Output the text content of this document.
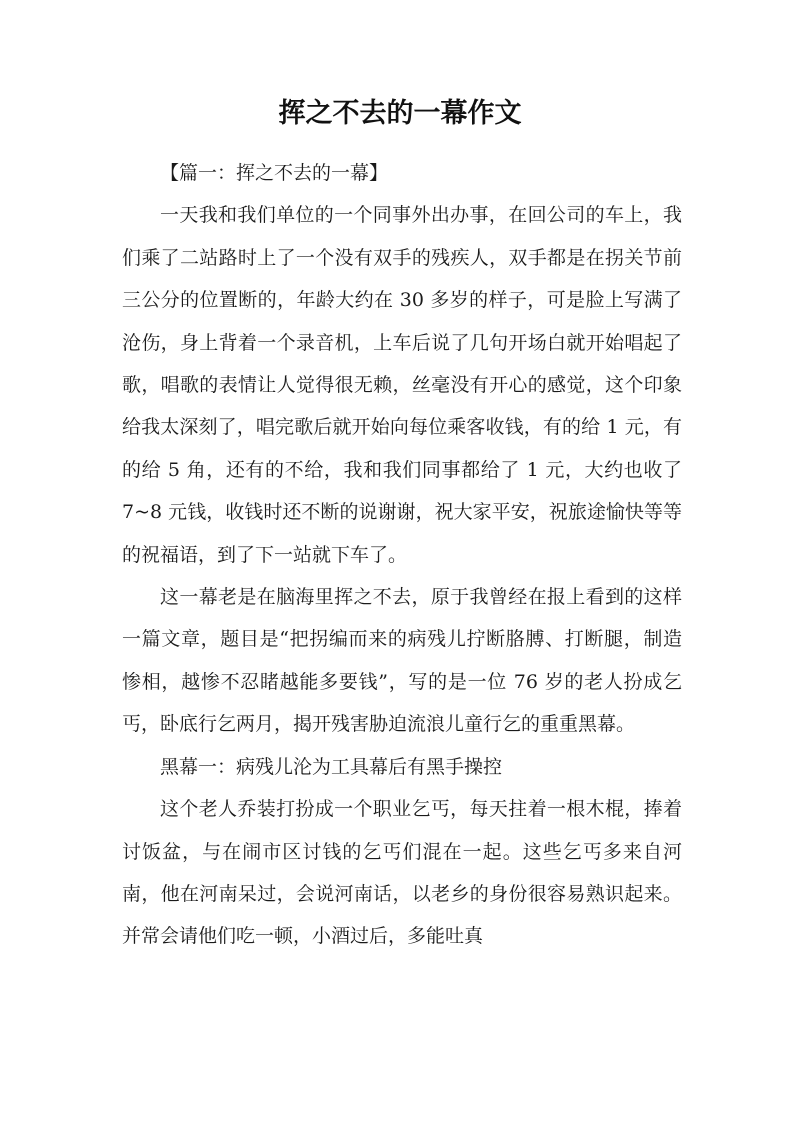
挥之不去的一幕作文

【篇一：挥之不去的一幕】

一天我和我们单位的一个同事外出办事，在回公司的车上，我们乘了二站路时上了一个没有双手的残疾人，双手都是在拐关节前三公分的位置断的，年龄大约在 30 多岁的样子，可是脸上写满了沧伤，身上背着一个录音机，上车后说了几句开场白就开始唱起了歌，唱歌的表情让人觉得很无赖，丝毫没有开心的感觉，这个印象给我太深刻了，唱完歌后就开始向每位乘客收钱，有的给 1 元，有的给 5 角，还有的不给，我和我们同事都给了 1 元，大约也收了 7~8 元钱，收钱时还不断的说谢谢，祝大家平安，祝旅途愉快等等的祝福语，到了下一站就下车了。

这一幕老是在脑海里挥之不去，原于我曾经在报上看到的这样一篇文章，题目是“把拐编而来的病残儿拧断胳膊、打断腿，制造惨相，越惨不忍睹越能多要钱”，写的是一位 76 岁的老人扮成乞丐，卧底行乞两月，揭开残害胁迫流浪儿童行乞的重重黑幕。

黑幕一：病残儿沦为工具幕后有黑手操控

这个老人乔装打扮成一个职业乞丐，每天拄着一根木棍，捧着讨饭盆，与在闹市区讨钱的乞丐们混在一起。这些乞丐多来自河南，他在河南呆过，会说河南话，以老乡的身份很容易熟识起来。并常会请他们吃一顿，小酒过后，多能吐真
